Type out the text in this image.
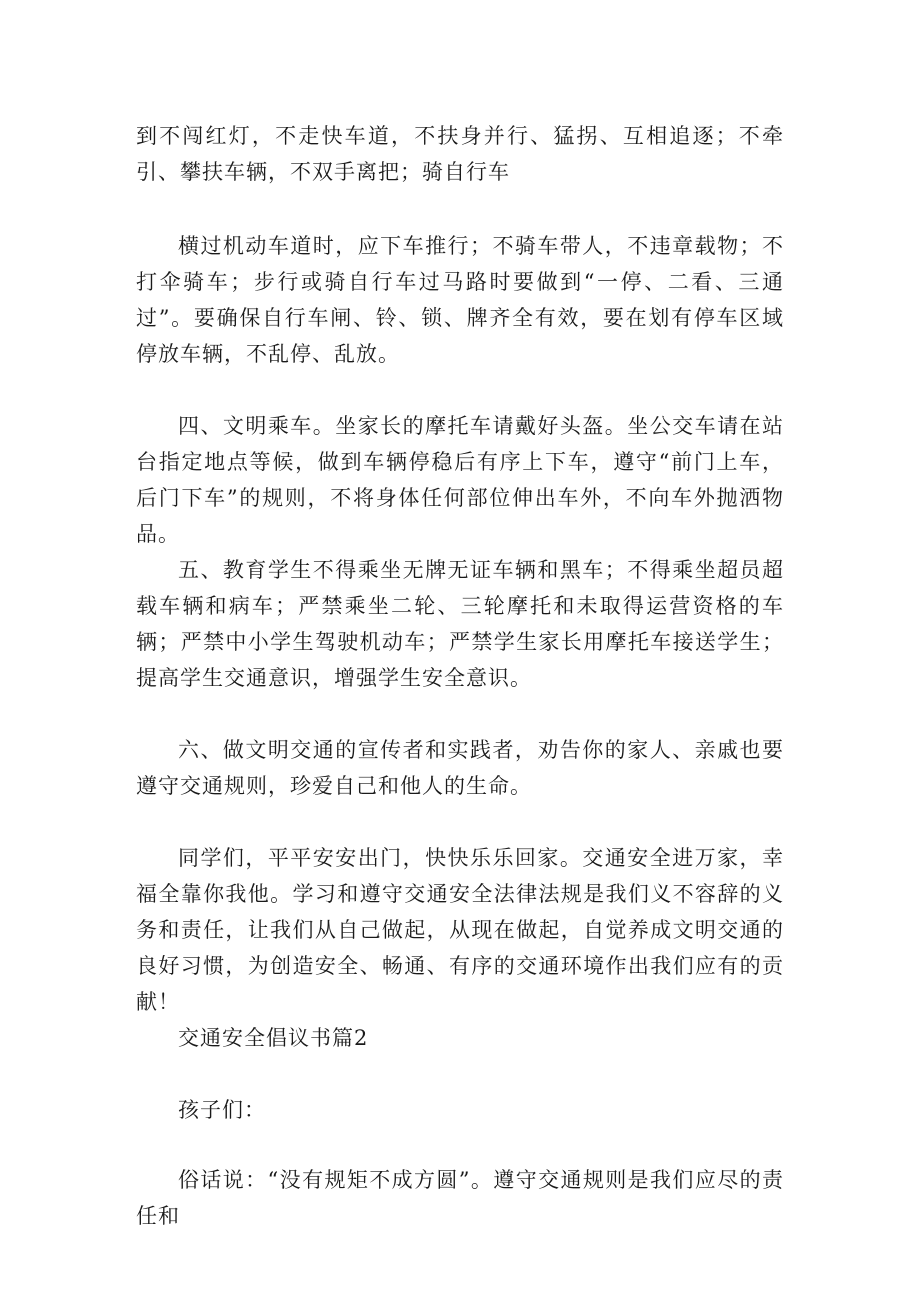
到不闯红灯，不走快车道，不扶身并行、猛拐、互相追逐；不牵引、攀扶车辆，不双手离把；骑自行车

横过机动车道时，应下车推行；不骑车带人，不违章载物；不打伞骑车；步行或骑自行车过马路时要做到“一停、二看、三通过”。要确保自行车闸、铃、锁、牌齐全有效，要在划有停车区域停放车辆，不乱停、乱放。

四、文明乘车。坐家长的摩托车请戴好头盔。坐公交车请在站台指定地点等候，做到车辆停稳后有序上下车，遵守“前门上车，后门下车”的规则，不将身体任何部位伸出车外，不向车外抛洒物品。

五、教育学生不得乘坐无牌无证车辆和黑车；不得乘坐超员超载车辆和病车；严禁乘坐二轮、三轮摩托和未取得运营资格的车辆；严禁中小学生驾驶机动车；严禁学生家长用摩托车接送学生；提高学生交通意识，增强学生安全意识。

六、做文明交通的宣传者和实践者，劝告你的家人、亲戚也要遵守交通规则，珍爱自己和他人的生命。

同学们，平平安安出门，快快乐乐回家。交通安全进万家，幸福全靠你我他。学习和遵守交通安全法律法规是我们义不容辞的义务和责任，让我们从自己做起，从现在做起，自觉养成文明交通的良好习惯，为创造安全、畅通、有序的交通环境作出我们应有的贡献！

交通安全倡议书篇2

孩子们：

俗话说：“没有规矩不成方圆”。遵守交通规则是我们应尽的责任和
